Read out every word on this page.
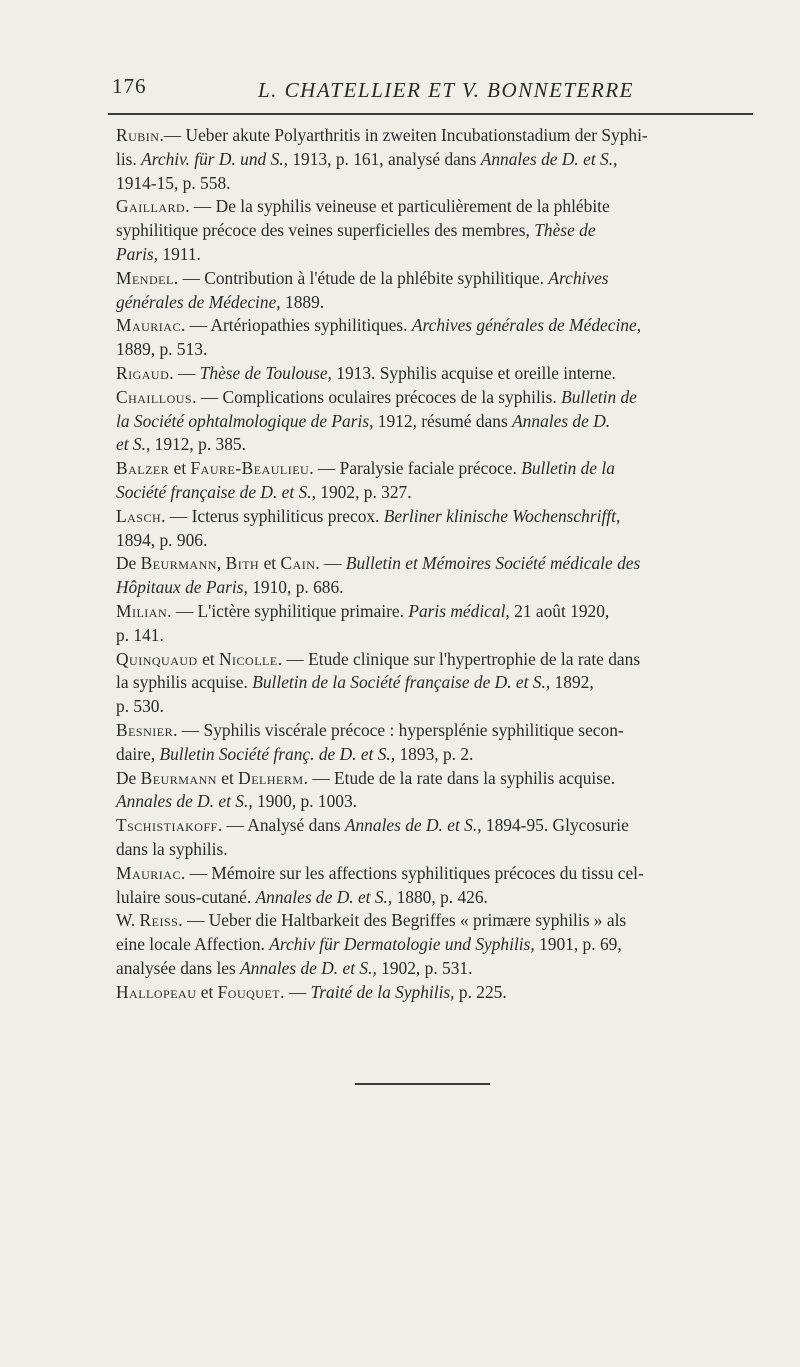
176	L. CHATELLIER ET V. BONNETERRE
Rubin.— Ueber akute Polyarthritis in zweiten Incubationstadium der Syphi-
lis. Archiv. für D. und S., 1913, p. 161, analysé dans Annales de D. et S.,
1914-15, p. 558.
Gaillard. — De la syphilis veineuse et particulièrement de la phlébite
syphilitique précoce des veines superficielles des membres, Thèse de
Paris, 1911.
Mendel. — Contribution à l'étude de la phlébite syphilitique. Archives
générales de Médecine, 1889.
Mauriac. — Artériopathies syphilitiques. Archives générales de Médecine,
1889, p. 513.
Rigaud. — Thèse de Toulouse, 1913. Syphilis acquise et oreille interne.
Chaillous. — Complications oculaires précoces de la syphilis. Bulletin de
la Société ophtalmologique de Paris, 1912, résumé dans Annales de D.
et S., 1912, p. 385.
Balzer et Faure-Beaulieu. — Paralysie faciale précoce. Bulletin de la
Société française de D. et S., 1902, p. 327.
Lasch. — Icterus syphiliticus precox. Berliner klinische Wochenschrifft,
1894, p. 906.
De Beurmann, Bith et Cain. — Bulletin et Mémoires Société médicale des
Hôpitaux de Paris, 1910, p. 686.
Milian. — L'ictère syphilitique primaire. Paris médical, 21 août 1920,
p. 141.
Quinquaud et Nicolle. — Etude clinique sur l'hypertrophie de la rate dans
la syphilis acquise. Bulletin de la Société française de D. et S., 1892,
p. 530.
Besnier. — Syphilis viscérale précoce : hypersplénie syphilitique secon-
daire, Bulletin Société franç. de D. et S., 1893, p. 2.
De Beurmann et Delherm. — Etude de la rate dans la syphilis acquise.
Annales de D. et S., 1900, p. 1003.
Tschistiakoff. — Analysé dans Annales de D. et S., 1894-95. Glycosurie
dans la syphilis.
Mauriac. — Mémoire sur les affections syphilitiques précoces du tissu cel-
lulaire sous-cutané. Annales de D. et S., 1880, p. 426.
W. Reiss. — Ueber die Haltbarkeit des Begriffes « primære syphilis » als
eine locale Affection. Archiv für Dermatologie und Syphilis, 1901, p. 69,
analysée dans les Annales de D. et S., 1902, p. 531.
Hallopeau et Fouquet. — Traité de la Syphilis, p. 225.
